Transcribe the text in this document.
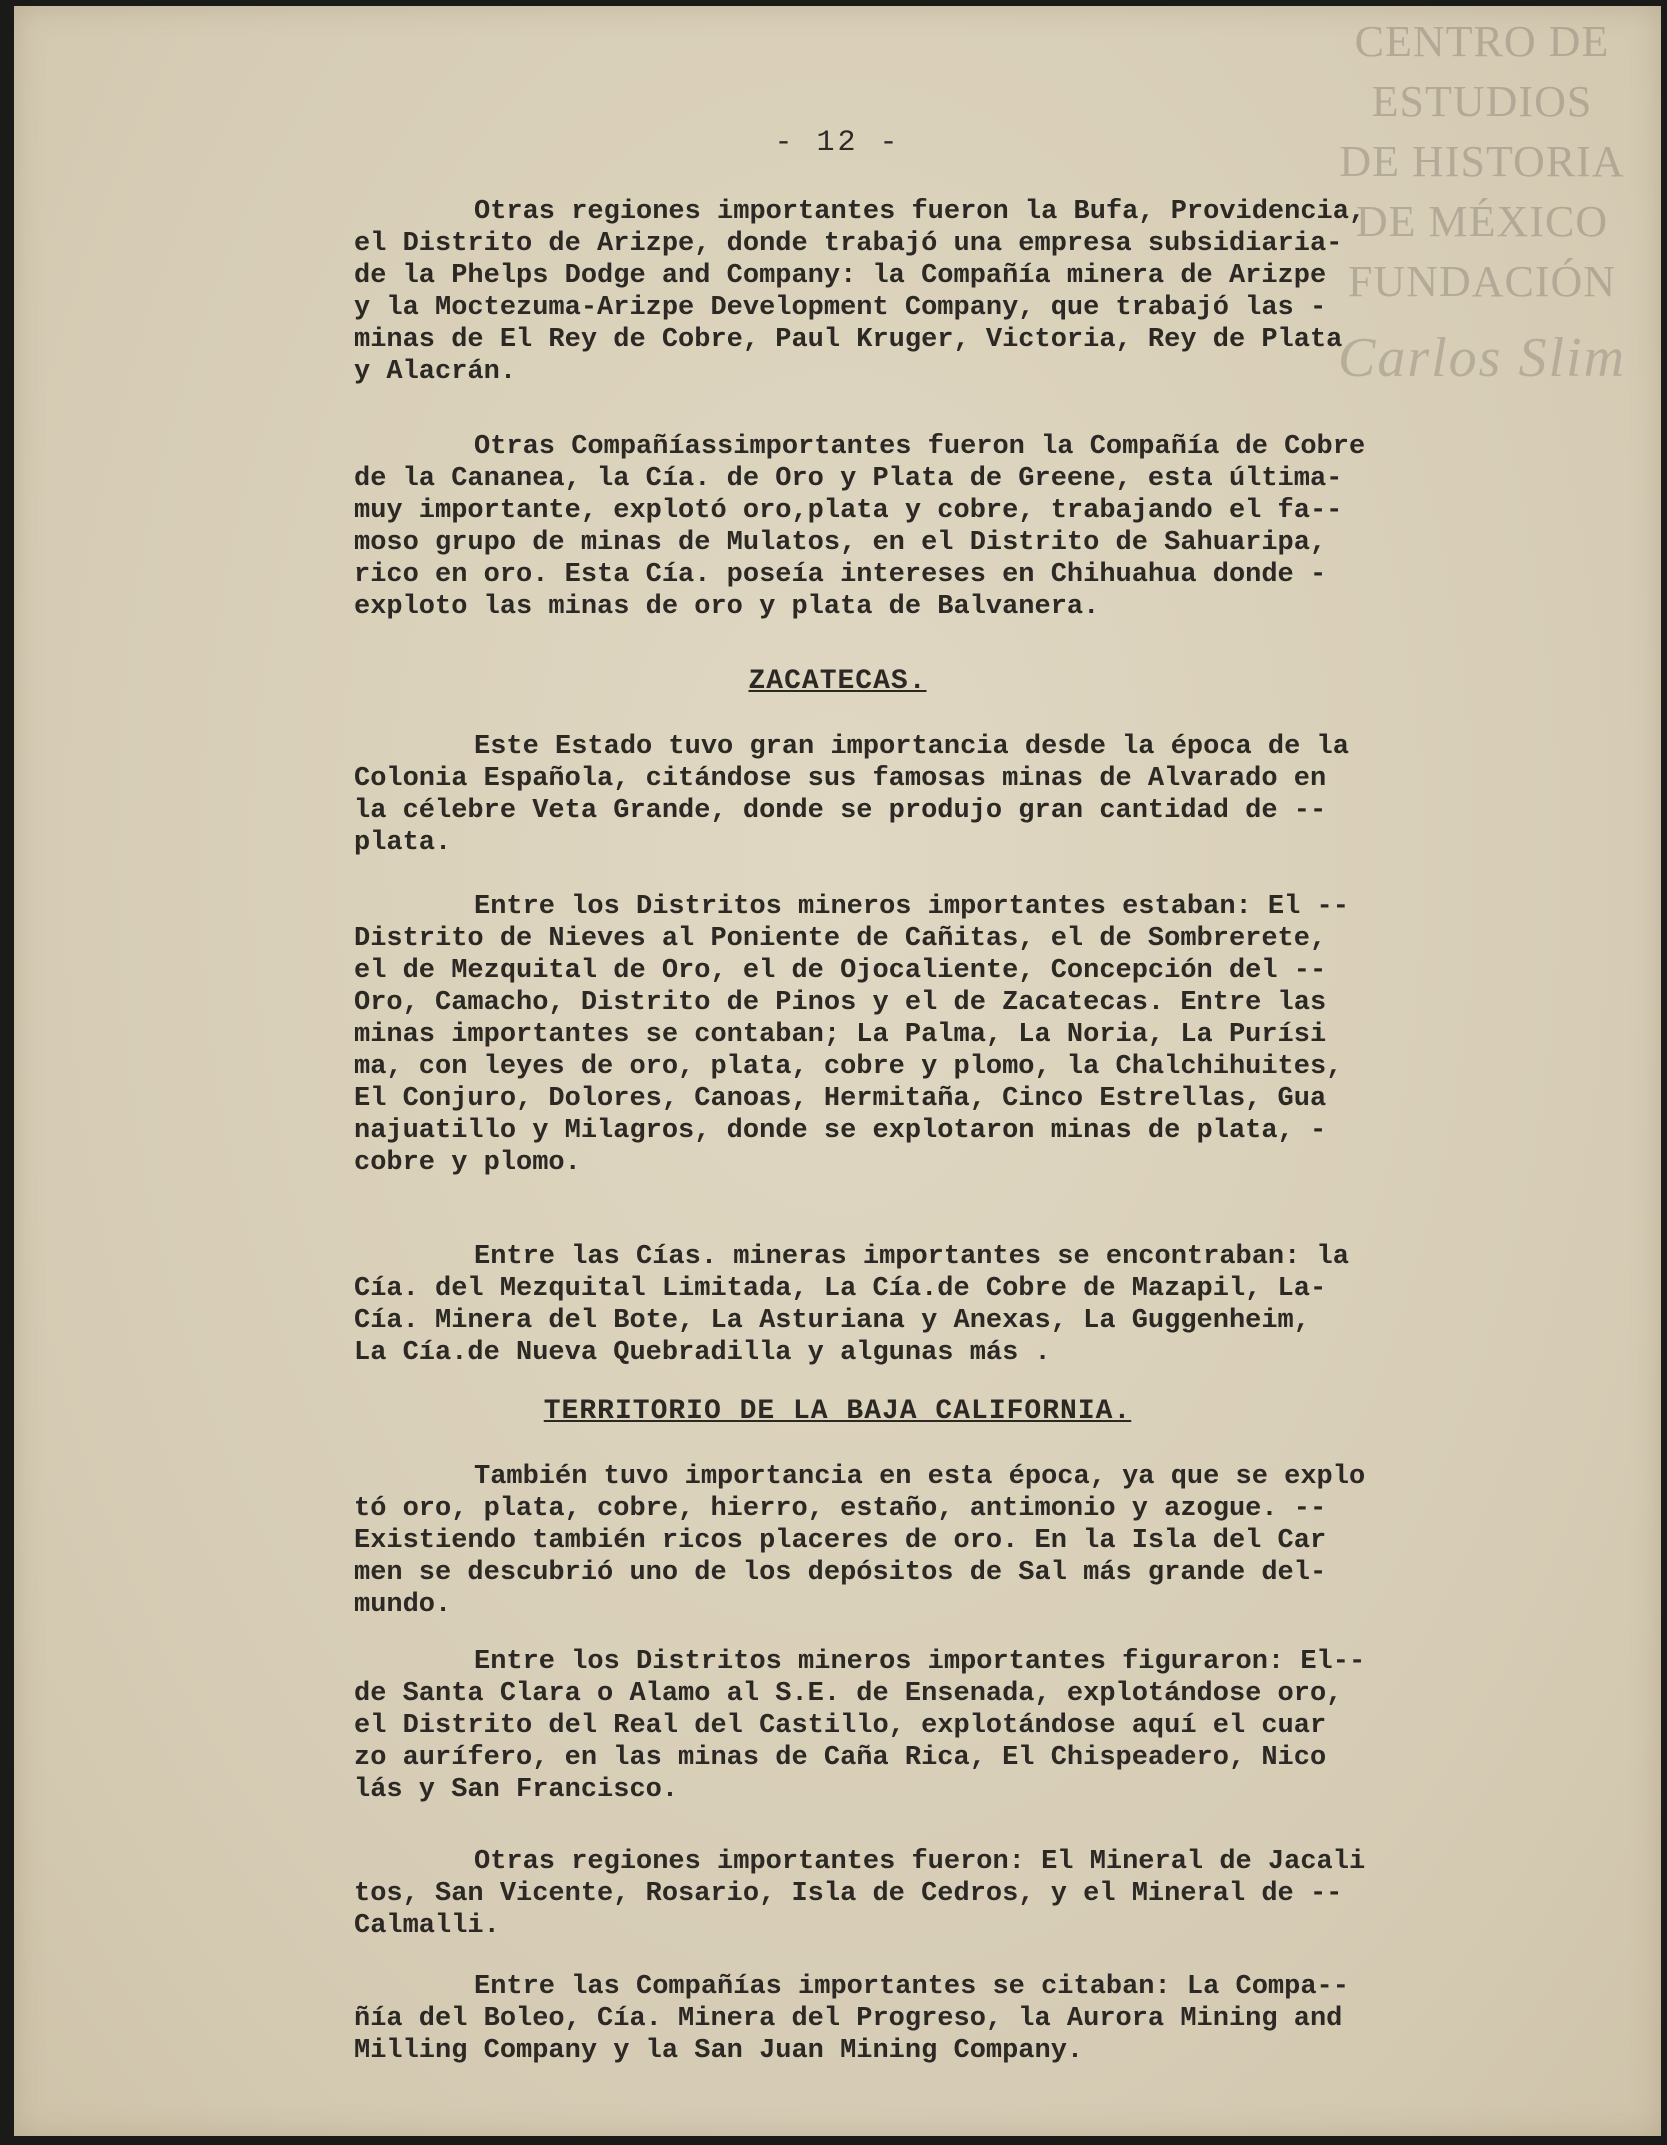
CENTRO DE
ESTUDIOS
DE HISTORIA
DE MÉXICO
FUNDACIÓN
Carlos Slim
- 12 -
Otras regiones importantes fueron la Bufa, Providencia,
el Distrito de Arizpe, donde trabajó una empresa subsidiaria-
de la Phelps Dodge and Company: la Compañía minera de Arizpe
y la Moctezuma-Arizpe Development Company, que trabajó las -
minas de El Rey de Cobre, Paul Kruger, Victoria, Rey de Plata
y Alacrán.
Otras Compañíassimportantes fueron la Compañía de Cobre
de la Cananea, la Cía. de Oro y Plata de Greene, esta última-
muy importante, explotó oro,plata y cobre, trabajando el fa--
moso grupo de minas de Mulatos, en el Distrito de Sahuaripa,
rico en oro. Esta Cía. poseía intereses en Chihuahua donde -
exploto las minas de oro y plata de Balvanera.
ZACATECAS.
Este Estado tuvo gran importancia desde la época de la
Colonia Española, citándose sus famosas minas de Alvarado en
la célebre Veta Grande, donde se produjo gran cantidad de --
plata.
Entre los Distritos mineros importantes estaban: El --
Distrito de Nieves al Poniente de Cañitas, el de Sombrerete,
el de Mezquital de Oro, el de Ojocaliente, Concepción del --
Oro, Camacho, Distrito de Pinos y el de Zacatecas. Entre las
minas importantes se contaban; La Palma, La Noria, La Purísi
ma, con leyes de oro, plata, cobre y plomo, la Chalchihuites,
El Conjuro, Dolores, Canoas, Hermitaña, Cinco Estrellas, Gua
najuatillo y Milagros, donde se explotaron minas de plata, -
cobre y plomo.
Entre las Cías. mineras importantes se encontraban: la
Cía. del Mezquital Limitada, La Cía.de Cobre de Mazapil, La-
Cía. Minera del Bote, La Asturiana y Anexas, La Guggenheim,
La Cía.de Nueva Quebradilla y algunas más .
TERRITORIO DE LA BAJA CALIFORNIA.
También tuvo importancia en esta época, ya que se explo
tó oro, plata, cobre, hierro, estaño, antimonio y azogue. --
Existiendo también ricos placeres de oro. En la Isla del Car
men se descubrió uno de los depósitos de Sal más grande del-
mundo.
Entre los Distritos mineros importantes figuraron: El--
de Santa Clara o Alamo al S.E. de Ensenada, explotándose oro,
el Distrito del Real del Castillo, explotándose aquí el cuar
zo aurífero, en las minas de Caña Rica, El Chispeadero, Nico
lás y San Francisco.
Otras regiones importantes fueron: El Mineral de Jacali
tos, San Vicente, Rosario, Isla de Cedros, y el Mineral de --
Calmalli.
Entre las Compañías importantes se citaban: La Compa--
ñía del Boleo, Cía. Minera del Progreso, la Aurora Mining and
Milling Company y la San Juan Mining Company.
